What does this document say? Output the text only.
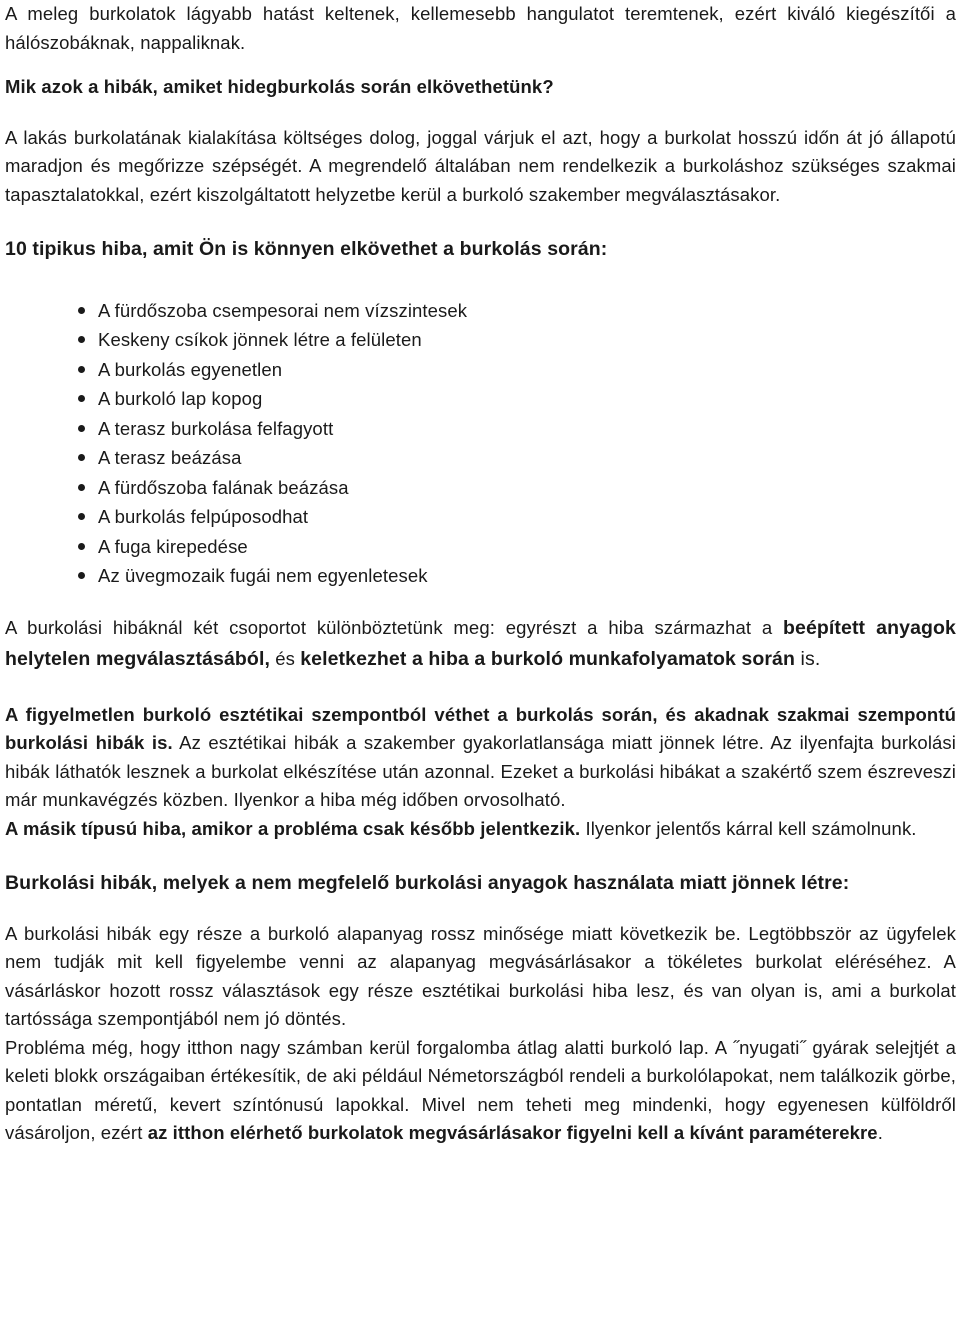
A meleg burkolatok lágyabb hatást keltenek, kellemesebb hangulatot teremtenek, ezért kiváló kiegészítői a hálószobáknak, nappaliknak.

Mik azok a hibák, amiket hidegburkolás során elkövethetünk?

A lakás burkolatának kialakítása költséges dolog, joggal várjuk el azt, hogy a burkolat hosszú időn át jó állapotú maradjon és megőrizze szépségét. A megrendelő általában nem rendelkezik a burkoláshoz szükséges szakmai tapasztalatokkal, ezért kiszolgáltatott helyzetbe kerül a burkoló szakember megválasztásakor.

10 tipikus hiba, amit Ön is könnyen elkövethet a burkolás során:

A fürdőszoba csempesorai nem vízszintesek
Keskeny csíkok jönnek létre a felületen
A burkolás egyenetlen
A burkoló lap kopog
A terasz burkolása felfagyott
A terasz beázása
A fürdőszoba falának beázása
A burkolás felpúposodhat
A fuga kirepedése
Az üvegmozaik fugái nem egyenletesek

A burkolási hibáknál két csoportot különböztetünk meg: egyrészt a hiba származhat a beépített anyagok helytelen megválasztásából, és keletkezhet a hiba a burkoló munkafolyamatok során is.

A figyelmetlen burkoló esztétikai szempontból véthet a burkolás során, és akadnak szakmai szempontú burkolási hibák is. Az esztétikai hibák a szakember gyakorlatlansága miatt jönnek létre. Az ilyenfajta burkolási hibák láthatók lesznek a burkolat elkészítése után azonnal. Ezeket a burkolási hibákat a szakértő szem észreveszi már munkavégzés közben. Ilyenkor a hiba még időben orvosolható.

A másik típusú hiba, amikor a probléma csak később jelentkezik. Ilyenkor jelentős kárral kell számolnunk.

Burkolási hibák, melyek a nem megfelelő burkolási anyagok használata miatt jönnek létre:

A burkolási hibák egy része a burkoló alapanyag rossz minősége miatt következik be. Legtöbbször az ügyfelek nem tudják mit kell figyelembe venni az alapanyag megvásárlásakor a tökéletes burkolat eléréséhez. A vásárláskor hozott rossz választások egy része esztétikai burkolási hiba lesz, és van olyan is, ami a burkolat tartóssága szempontjából nem jó döntés.

Probléma még, hogy itthon nagy számban kerül forgalomba átlag alatti burkoló lap. A ˝nyugati˝ gyárak selejtjét a keleti blokk országaiban értékesítik, de aki például Németországból rendeli a burkolólapokat, nem találkozik görbe, pontatlan méretű, kevert színtónusú lapokkal. Mivel nem teheti meg mindenki, hogy egyenesen külföldről vásároljon, ezért az itthon elérhető burkolatok megvásárlásakor figyelni kell a kívánt paraméterekre.
